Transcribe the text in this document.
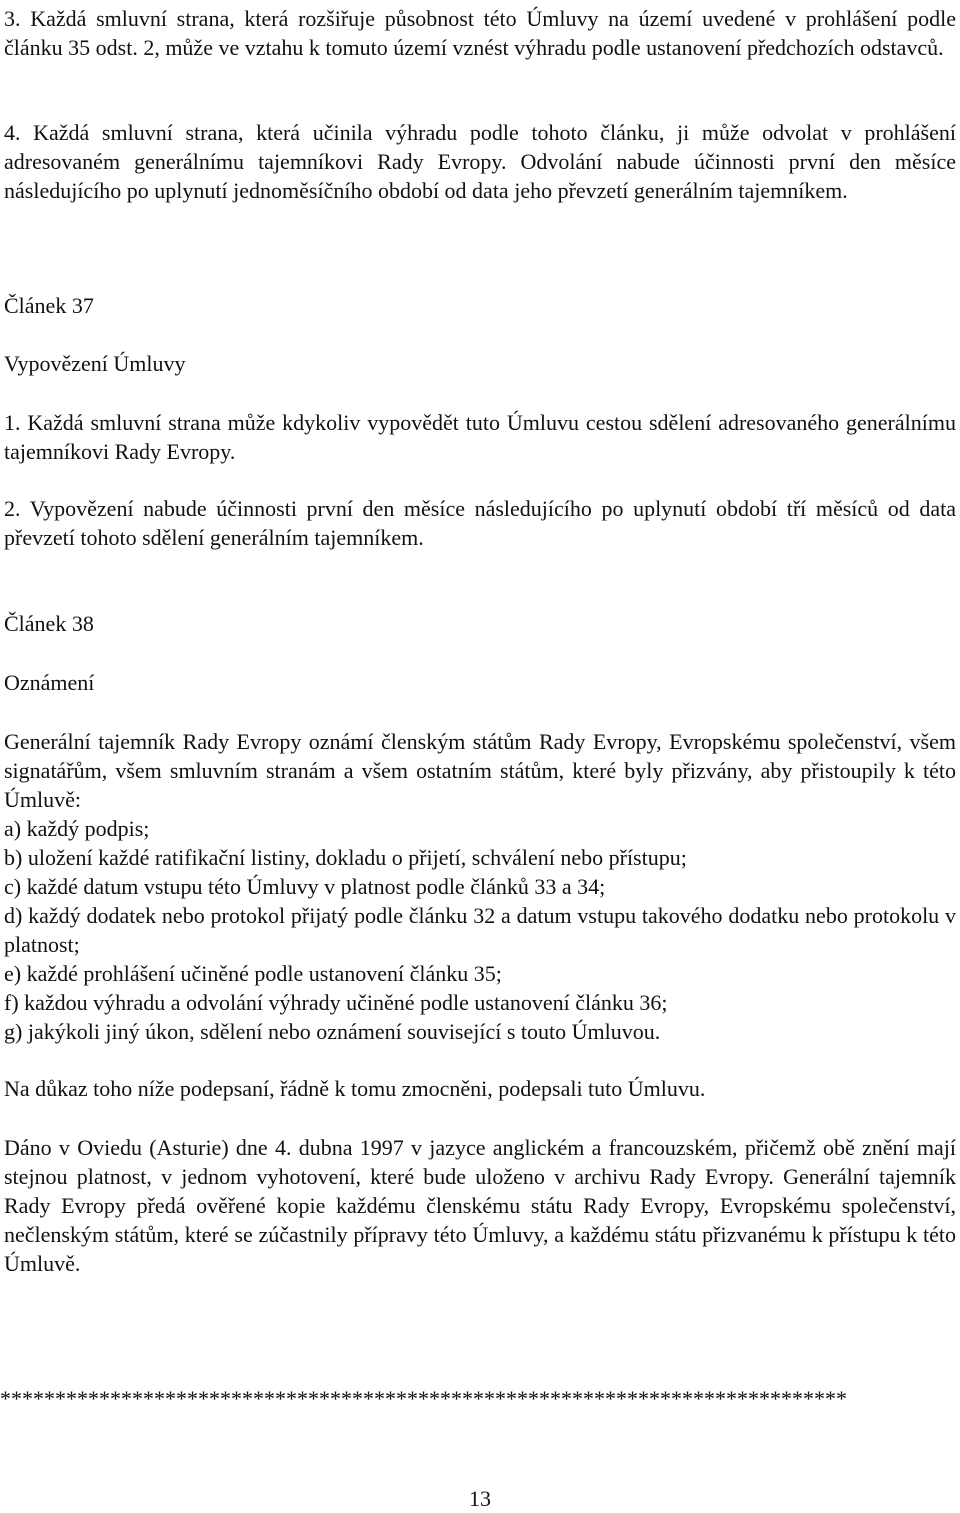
3. Každá smluvní strana, která rozšiřuje působnost této Úmluvy na území uvedené v prohlášení podle článku 35 odst. 2, může ve vztahu k tomuto území vznést výhradu podle ustanovení předchozích odstavců.

4. Každá smluvní strana, která učinila výhradu podle tohoto článku, ji může odvolat v prohlášení adresovaném generálnímu tajemníkovi Rady Evropy. Odvolání nabude účinnosti první den měsíce následujícího po uplynutí jednoměsíčního období od data jeho převzetí generálním tajemníkem.

Článek 37

Vypovězení Úmluvy

1. Každá smluvní strana může kdykoliv vypovědět tuto Úmluvu cestou sdělení adresovaného generálnímu tajemníkovi Rady Evropy.

2. Vypovězení nabude účinnosti první den měsíce následujícího po uplynutí období tří měsíců od data převzetí tohoto sdělení generálním tajemníkem.

Článek 38

Oznámení

Generální tajemník Rady Evropy oznámí členským státům Rady Evropy, Evropskému společenství, všem signatářům, všem smluvním stranám a všem ostatním státům, které byly přizvány, aby přistoupily k této Úmluvě:

a) každý podpis;

b) uložení každé ratifikační listiny, dokladu o přijetí, schválení nebo přístupu;

c) každé datum vstupu této Úmluvy v platnost podle článků 33 a 34;

d) každý dodatek nebo protokol přijatý podle článku 32 a datum vstupu takového dodatku nebo protokolu v platnost;

e) každé prohlášení učiněné podle ustanovení článku 35;

f) každou výhradu a odvolání výhrady učiněné podle ustanovení článku 36;

g) jakýkoli jiný úkon, sdělení nebo oznámení související s touto Úmluvou.

Na důkaz toho níže podepsaní, řádně k tomu zmocněni, podepsali tuto Úmluvu.

Dáno v Oviedu (Asturie) dne 4. dubna 1997 v jazyce anglickém a francouzském, přičemž obě znění mají stejnou platnost, v jednom vyhotovení, které bude uloženo v archivu Rady Evropy. Generální tajemník Rady Evropy předá ověřené kopie každému členskému státu Rady Evropy, Evropskému společenství, nečlenským státům, které se zúčastnily přípravy této Úmluvy, a každému státu přizvanému k přístupu k této Úmluvě.

*****************************************************************************
13
